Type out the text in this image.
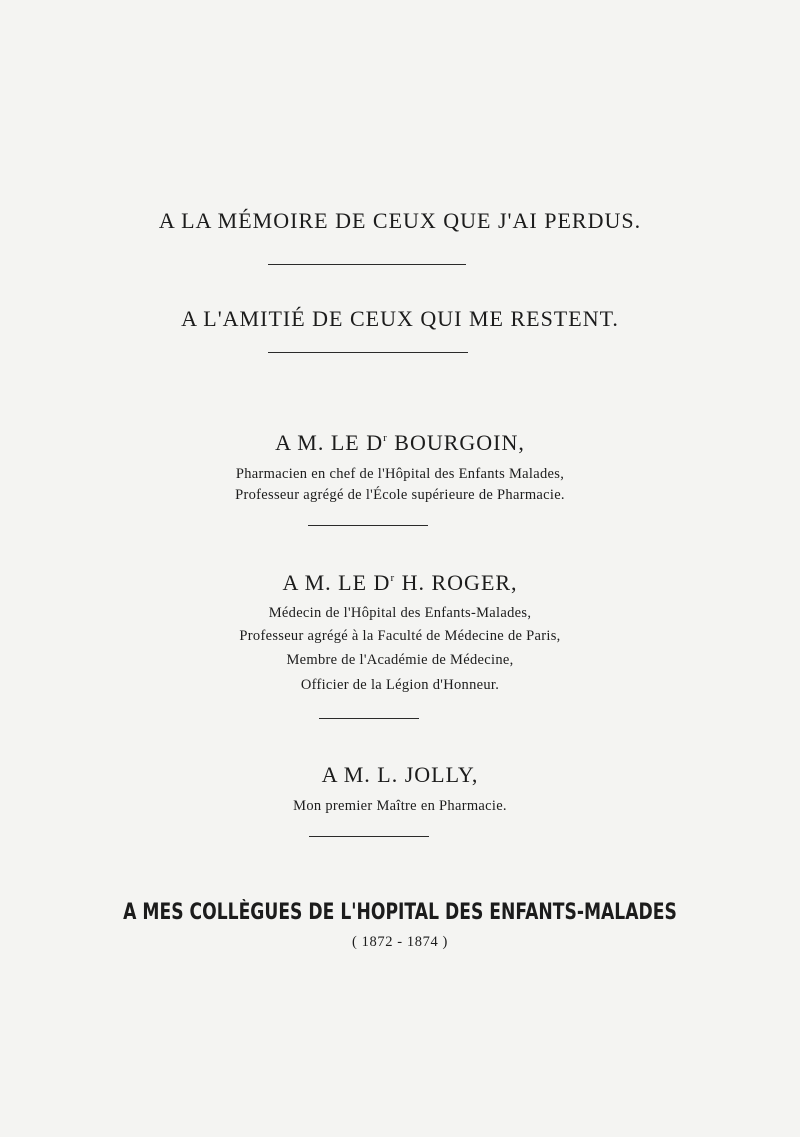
A LA MÉMOIRE DE CEUX QUE J'AI PERDUS.
A L'AMITIÉ DE CEUX QUI ME RESTENT.
A M. LE $D^r$ BOURGOIN,
Pharmacien en chef de l'Hôpital des Enfants Malades,
Professeur agrégé de l'École supérieure de Pharmacie.
A M. LE $D^r$ H. ROGER,
Médecin de l'Hôpital des Enfants-Malades,
Professeur agrégé à la Faculté de Médecine de Paris,
Membre de l'Académie de Médecine,
Officier de la Légion d'Honneur.
A M. L. JOLLY,
Mon premier Maître en Pharmacie.
A MES COLLÈGUES DE L'HOPITAL DES ENFANTS-MALADES
( 1872 - 1874 )
